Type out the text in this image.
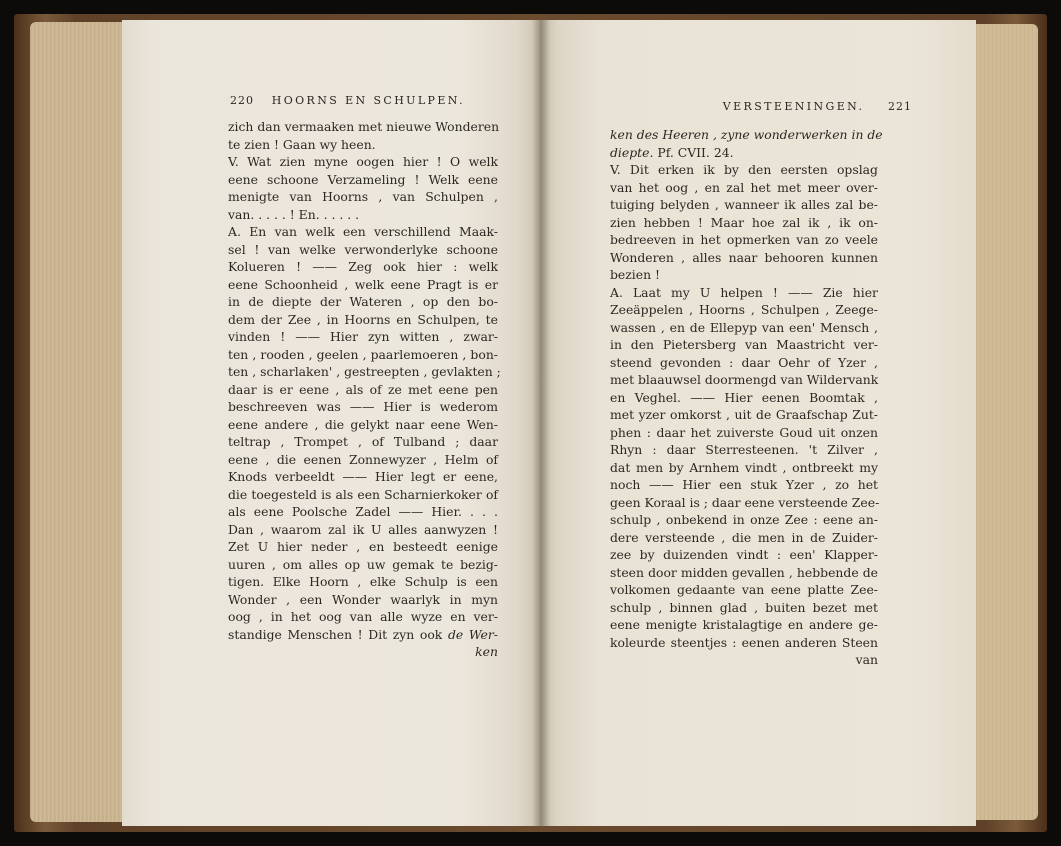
220 HOORNS EN SCHULPEN.
zich dan vermaaken met nieuwe Wonderen
te zien ! Gaan wy heen.
V. Wat zien myne oogen hier ! O welk
eene schoone Verzameling ! Welk eene
menigte van Hoorns , van Schulpen ,
van. . . . . ! En. . . . . .
A. En van welk een verschillend Maak-
sel ! van welke verwonderlyke schoone
Kolueren ! —— Zeg ook hier : welk
eene Schoonheid , welk eene Pragt is er
in de diepte der Wateren , op den bo-
dem der Zee , in Hoorns en Schulpen, te
vinden ! —— Hier zyn witten , zwar-
ten , rooden , geelen , paarlemoeren , bon-
ten , scharlaken' , gestreepten , gevlakten ;
daar is er eene , als of ze met eene pen
beschreeven was —— Hier is wederom
eene andere , die gelykt naar eene Wen-
teltrap , Trompet , of Tulband ; daar
eene , die eenen Zonnewyzer , Helm of
Knods verbeeldt —— Hier legt er eene,
die toegesteld is als een Scharnierkoker of
als eene Poolsche Zadel —— Hier. . . .
Dan , waarom zal ik U alles aanwyzen !
Zet U hier neder , en besteedt eenige
uuren , om alles op uw gemak te bezig-
tigen. Elke Hoorn , elke Schulp is een
Wonder , een Wonder waarlyk in myn
oog , in het oog van alle wyze en ver-
standige Menschen ! Dit zyn ook de Wer-
ken
VERSTEENINGEN. 221
ken des Heeren , zyne wonderwerken in de
diepte. Pf. CVII. 24.
V. Dit erken ik by den eersten opslag
van het oog , en zal het met meer over-
tuiging belyden , wanneer ik alles zal be-
zien hebben ! Maar hoe zal ik , ik on-
bedreeven in het opmerken van zo veele
Wonderen , alles naar behooren kunnen
bezien !
A. Laat my U helpen ! —— Zie hier
Zeeäppelen , Hoorns , Schulpen , Zeege-
wassen , en de Ellepyp van een' Mensch ,
in den Pietersberg van Maastricht ver-
steend gevonden : daar Oehr of Yzer ,
met blaauwsel doormengd van Wildervank
en Veghel. —— Hier eenen Boomtak ,
met yzer omkorst , uit de Graafschap Zut-
phen : daar het zuiverste Goud uit onzen
Rhyn : daar Sterresteenen. 't Zilver ,
dat men by Arnhem vindt , ontbreekt my
noch —— Hier een stuk Yzer , zo het
geen Koraal is ; daar eene versteende Zee-
schulp , onbekend in onze Zee : eene an-
dere versteende , die men in de Zuider-
zee by duizenden vindt : een' Klapper-
steen door midden gevallen , hebbende de
volkomen gedaante van eene platte Zee-
schulp , binnen glad , buiten bezet met
eene menigte kristalagtige en andere ge-
koleurde steentjes : eenen anderen Steen
van
